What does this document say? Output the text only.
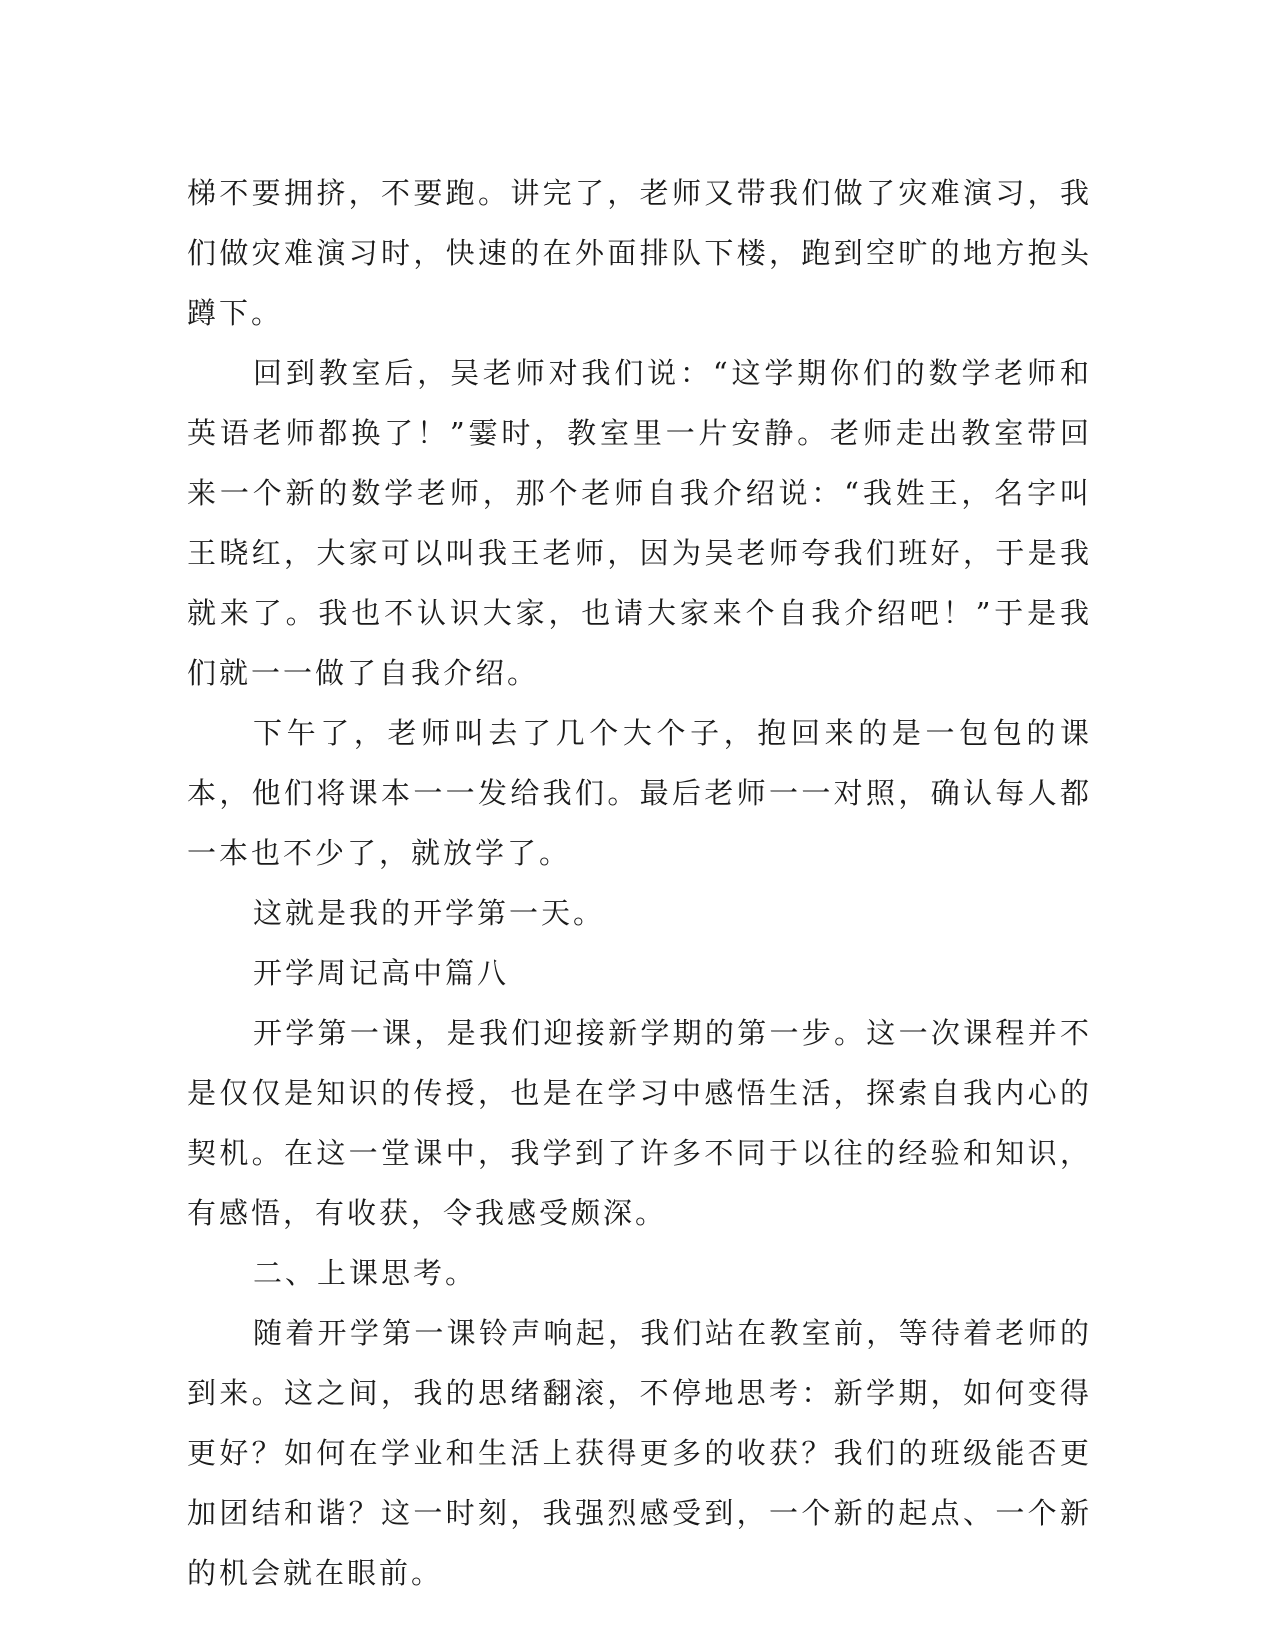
梯不要拥挤，不要跑。讲完了，老师又带我们做了灾难演习，我们做灾难演习时，快速的在外面排队下楼，跑到空旷的地方抱头蹲下。

回到教室后，吴老师对我们说：“这学期你们的数学老师和英语老师都换了！”霎时，教室里一片安静。老师走出教室带回来一个新的数学老师，那个老师自我介绍说：“我姓王，名字叫王晓红，大家可以叫我王老师，因为吴老师夸我们班好，于是我就来了。我也不认识大家，也请大家来个自我介绍吧！”于是我们就一一做了自我介绍。

下午了，老师叫去了几个大个子，抱回来的是一包包的课本，他们将课本一一发给我们。最后老师一一对照，确认每人都一本也不少了，就放学了。

这就是我的开学第一天。

开学周记高中篇八

开学第一课，是我们迎接新学期的第一步。这一次课程并不是仅仅是知识的传授，也是在学习中感悟生活，探索自我内心的契机。在这一堂课中，我学到了许多不同于以往的经验和知识，有感悟，有收获，令我感受颇深。

二、上课思考。

随着开学第一课铃声响起，我们站在教室前，等待着老师的到来。这之间，我的思绪翻滚，不停地思考：新学期，如何变得更好？如何在学业和生活上获得更多的收获？我们的班级能否更加团结和谐？这一时刻，我强烈感受到，一个新的起点、一个新的机会就在眼前。
